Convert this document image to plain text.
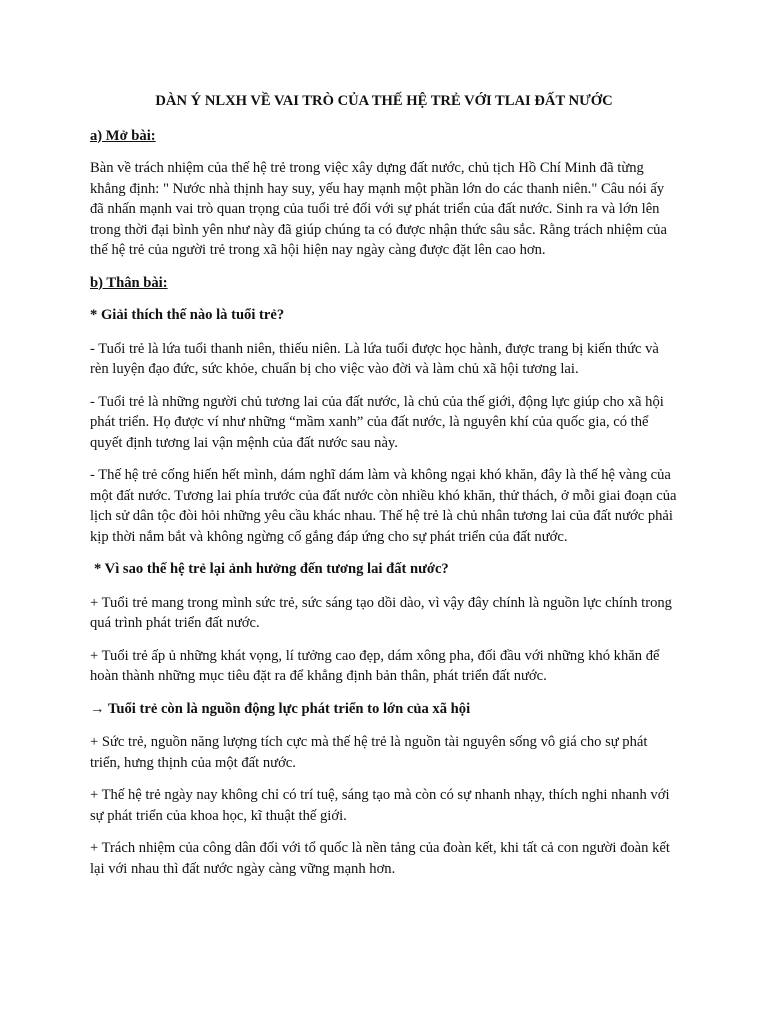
DÀN Ý NLXH VỀ VAI TRÒ CỦA THẾ HỆ TRẺ VỚI TLAI ĐẤT NƯỚC
a) Mở bài:

Bàn về trách nhiệm của thế hệ trẻ trong việc xây dựng đất nước, chủ tịch Hồ Chí Minh đã từng khẳng định: " Nước nhà thịnh hay suy, yếu hay mạnh một phần lớn do các thanh niên." Câu nói ấy đã nhấn mạnh vai trò quan trọng của tuổi trẻ đối với sự phát triển của đất nước. Sinh ra và lớn lên trong thời đại bình yên như này đã giúp chúng ta có được nhận thức sâu sắc. Rằng trách nhiệm của thế hệ trẻ của người trẻ trong xã hội hiện nay ngày càng được đặt lên cao hơn.

b) Thân bài:
* Giải thích thế nào là tuổi trẻ?

- Tuổi trẻ là lứa tuổi thanh niên, thiếu niên. Là lứa tuổi được học hành, được trang bị kiến thức và rèn luyện đạo đức, sức khỏe, chuẩn bị cho việc vào đời và làm chủ xã hội tương lai.

- Tuổi trẻ là những người chủ tương lai của đất nước, là chủ của thế giới, động lực giúp cho xã hội phát triển. Họ được ví như những “mầm xanh” của đất nước, là nguyên khí của quốc gia, có thể quyết định tương lai vận mệnh của đất nước sau này.

- Thế hệ trẻ cống hiến hết mình, dám nghĩ dám làm và không ngại khó khăn, đây là thế hệ vàng của một đất nước. Tương lai phía trước của đất nước còn nhiều khó khăn, thử thách, ở mỗi giai đoạn của lịch sử dân tộc đòi hỏi những yêu cầu khác nhau. Thế hệ trẻ là chủ nhân tương lai của đất nước phải kịp thời nắm bắt và không ngừng cố gắng đáp ứng cho sự phát triển của đất nước.

* Vì sao thế hệ trẻ lại ảnh hưởng đến tương lai đất nước?

+ Tuổi trẻ mang trong mình sức trẻ, sức sáng tạo dồi dào, vì vậy đây chính là nguồn lực chính trong quá trình phát triển đất nước.

+ Tuổi trẻ ấp ủ những khát vọng, lí tưởng cao đẹp, dám xông pha, đối đầu với những khó khăn để hoàn thành những mục tiêu đặt ra để khẳng định bản thân, phát triển đất nước.

→ Tuổi trẻ còn là nguồn động lực phát triển to lớn của xã hội

+ Sức trẻ, nguồn năng lượng tích cực mà thế hệ trẻ là nguồn tài nguyên sống vô giá cho sự phát triển, hưng thịnh của một đất nước.

+ Thế hệ trẻ ngày nay không chỉ có trí tuệ, sáng tạo mà còn có sự nhanh nhạy, thích nghi nhanh với sự phát triển của khoa học, kĩ thuật thế giới.

+ Trách nhiệm của công dân đối với tổ quốc là nền tảng của đoàn kết, khi tất cả con người đoàn kết lại với nhau thì đất nước ngày càng vững mạnh hơn.
